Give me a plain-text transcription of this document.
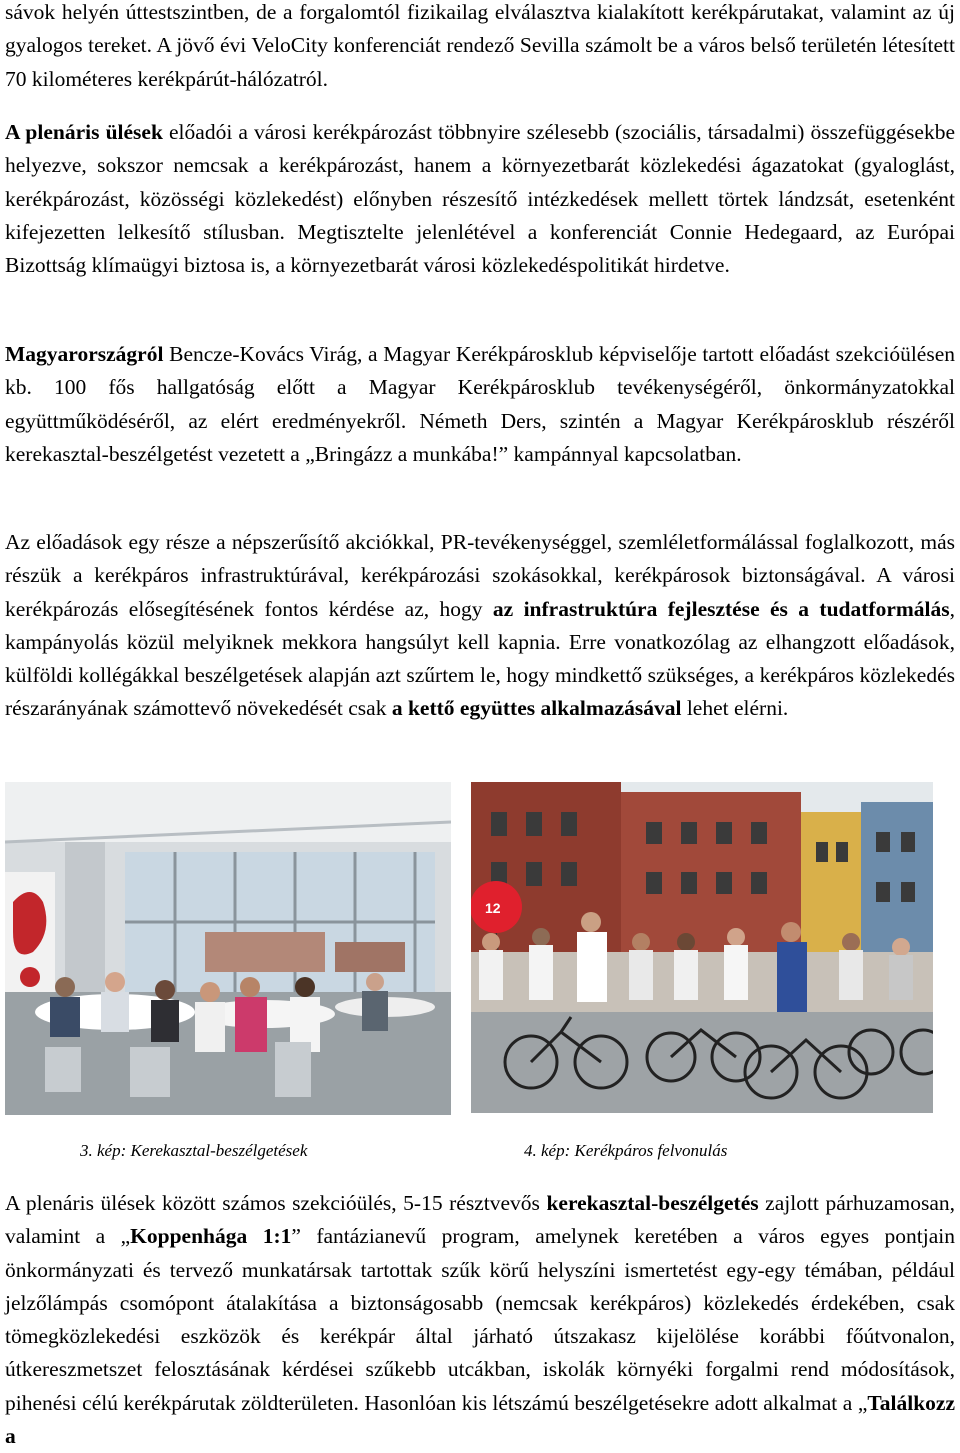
sávok helyén úttestszintben, de a forgalomtól fizikailag elválasztva kialakított kerékpárutakat, valamint az új gyalogos tereket. A jövő évi VeloCity konferenciát rendező Sevilla számolt be a város belső területén létesített 70 kilométeres kerékpárút-hálózatról.

A plenáris ülések előadói a városi kerékpározást többnyire szélesebb (szociális, társadalmi) összefüggésekbe helyezve, sokszor nemcsak a kerékpározást, hanem a környezetbarát közlekedési ágazatokat (gyaloglást, kerékpározást, közösségi közlekedést) előnyben részesítő intézkedések mellett törtek lándzsát, esetenként kifejezetten lelkesítő stílusban. Megtisztelte jelenlétével a konferenciát Connie Hedegaard, az Európai Bizottság klímaügyi biztosa is, a környezetbarát városi közlekedéspolitikát hirdetve.

Magyarországról Bencze-Kovács Virág, a Magyar Kerékpárosklub képviselője tartott előadást szekcióülésen kb. 100 fős hallgatóság előtt a Magyar Kerékpárosklub tevékenységéről, önkormányzatokkal együttműködéséről, az elért eredményekről. Németh Ders, szintén a Magyar Kerékpárosklub részéről kerekasztal-beszélgetést vezetett a „Bringázz a munkába!” kampánnyal kapcsolatban.

Az előadások egy része a népszerűsítő akciókkal, PR-tevékenységgel, szemléletformálással foglalkozott, más részük a kerékpáros infrastruktúrával, kerékpározási szokásokkal, kerékpárosok biztonságával. A városi kerékpározás elősegítésének fontos kérdése az, hogy az infrastruktúra fejlesztése és a tudatformálás, kampányolás közül melyiknek mekkora hangsúlyt kell kapnia. Erre vonatkozólag az elhangzott előadások, külföldi kollégákkal beszélgetések alapján azt szűrtem le, hogy mindkettő szükséges, a kerékpáros közlekedés részarányának számottevő növekedését csak a kettő együttes alkalmazásával lehet elérni.

12
3. kép: Kerekasztal-beszélgetések	4. kép: Kerékpáros felvonulás

A plenáris ülések között számos szekcióülés, 5-15 résztvevős kerekasztal-beszélgetés zajlott párhuzamosan, valamint a „Koppenhága 1:1” fantázianevű program, amelynek keretében a város egyes pontjain önkormányzati és tervező munkatársak tartottak szűk körű helyszíni ismertetést egy-egy témában, például jelzőlámpás csomópont átalakítása a biztonságosabb (nemcsak kerékpáros) közlekedés érdekében, csak tömegközlekedési eszközök és kerékpár által járható útszakasz kijelölése korábbi főútvonalon, útkereszmetszet felosztásának kérdései szűkebb utcákban, iskolák környéki forgalmi rend módosítások, pihenési célú kerékpárutak zöldterületen. Hasonlóan kis létszámú beszélgetésekre adott alkalmat a „Találkozz a
